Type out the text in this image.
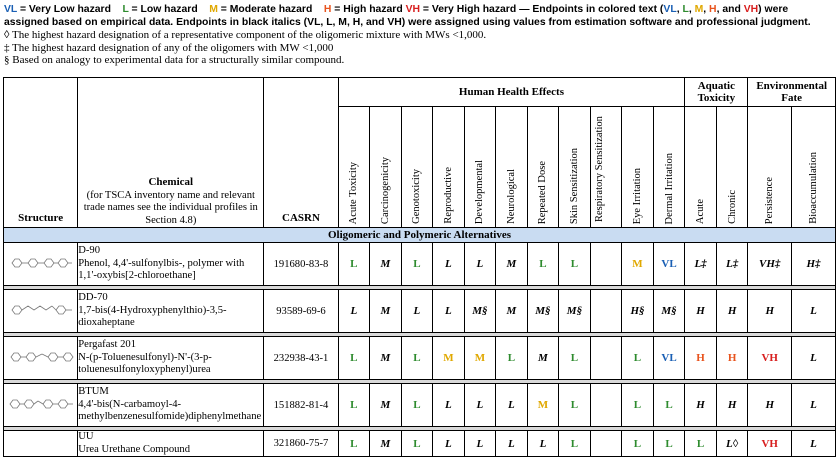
VL = Very Low hazard L = Low hazard M = Moderate hazard H = High hazard VH = Very High hazard — Endpoints in colored text (VL, L, M, H, and VH) were
assigned based on empirical data. Endpoints in black italics (VL, L, M, H, and VH) were assigned using values from estimation software and professional judgment.
◊ The highest hazard designation of a representative component of the oligomeric mixture with MWs <1,000.
‡ The highest hazard designation of any of the oligomers with MW <1,000
§ Based on analogy to experimental data for a structurally similar compound.
Structure	Chemical
(for TSCA inventory name and relevant trade names see the individual profiles in Section 4.8)	CASRN	Human Health Effects											Aquatic Toxicity		Environmental Fate	
			Acute Toxicity	Carcinogenicity	Genotoxicity	Reproductive	Developmental	Neurological	Repeated Dose	Skin Sensitization	Respiratory Sensitization	Eye Irritation	Dermal Irritation	Acute	Chronic	Persistence	Bioaccumulation
Oligomeric and Polymeric Alternatives																	
	D-90
Phenol, 4,4'-sulfonylbis-, polymer with 1,1'-oxybis[2-chloroethane]	191680-83-8	L	M	L	L	L	M	L	L		M	VL	L‡	L‡	VH‡	H‡

	DD-70
1,7-bis(4-Hydroxyphenylthio)-3,5-dioxaheptane	93589-69-6	L	M	L	L	M§	M	M§	M§		H§	M§	H	H	H	L

	Pergafast 201
N-(p-Toluenesulfonyl)-N'-(3-p-toluenesulfonyloxyphenyl)urea	232938-43-1	L	M	L	M	M	L	M	L		L	VL	H	H	VH	L

	BTUM
4,4'-bis(N-carbamoyl-4-methylbenzenesulfomide)diphenylmethane	151882-81-4	L	M	L	L	L	L	M	L		L	L	H	H	H	L

	UU
Urea Urethane Compound	321860-75-7	L	M	L	L	L	L	L	L		L	L	L	L◊	VH	L
